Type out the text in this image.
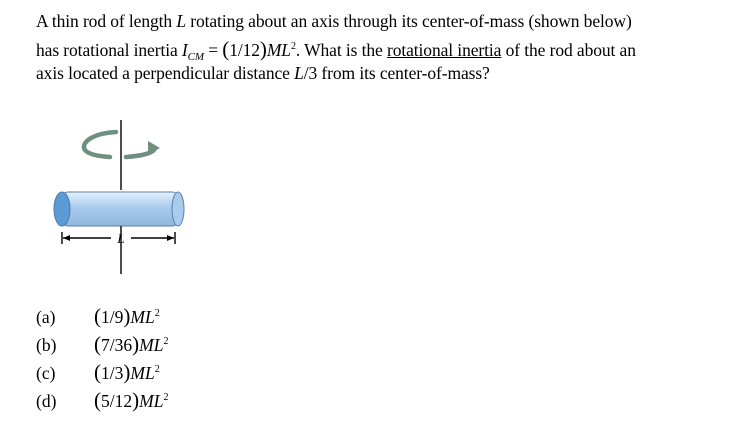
A thin rod of length L rotating about an axis through its center-of-mass (shown below)
has rotational inertia $I_{CM} = (1/12)ML^2$. What is the rotational inertia of the rod about an
axis located a perpendicular distance L/3 from its center-of-mass?
L
(a) $(1/9)ML^2$
(b) $(7/36)ML^2$
(c) $(1/3)ML^2$
(d) $(5/12)ML^2$
